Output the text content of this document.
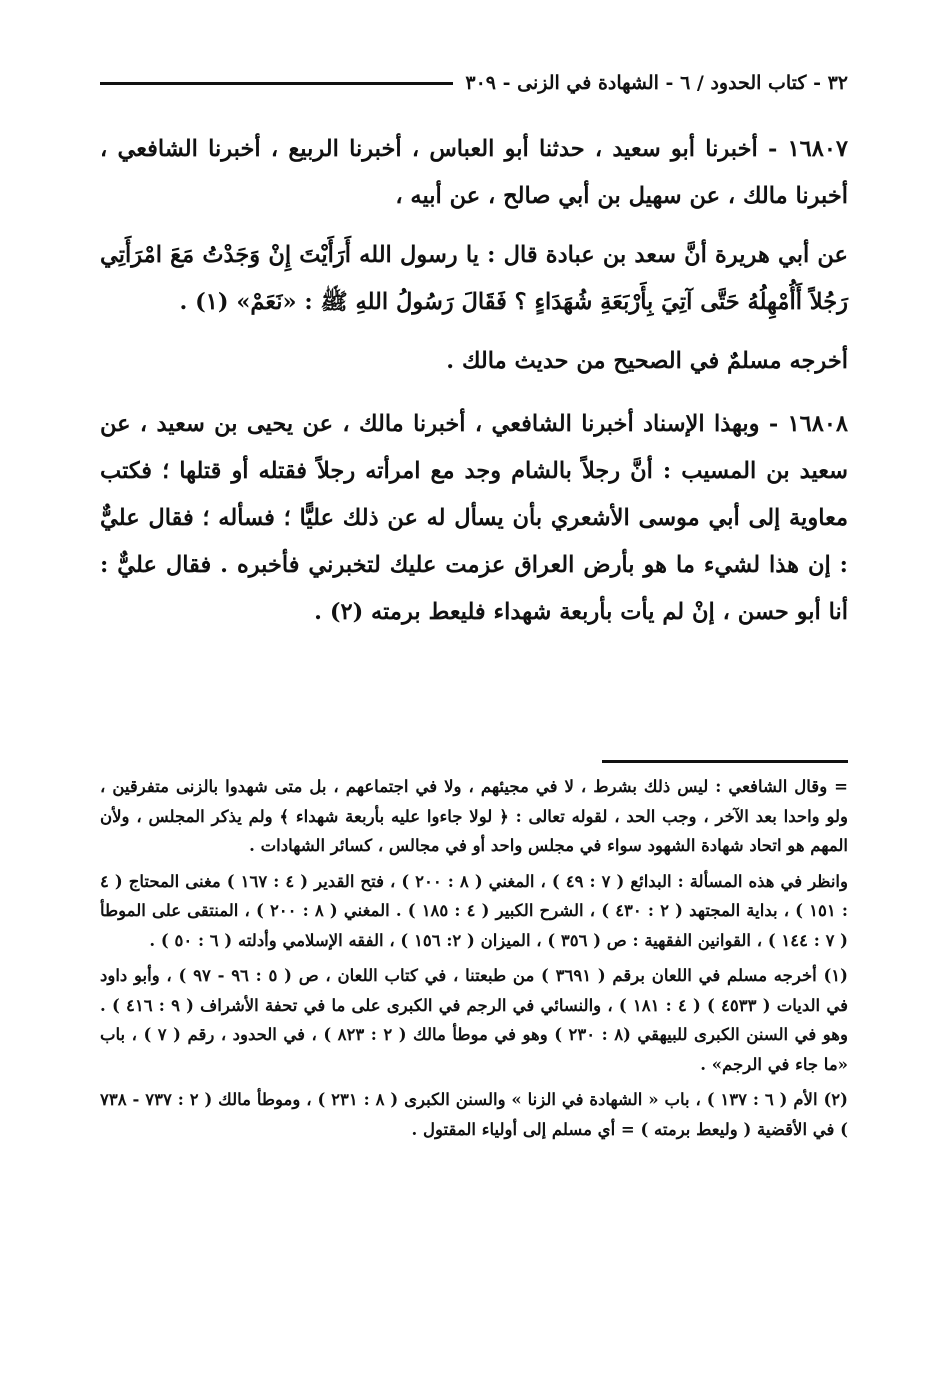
٣٢ - كتاب الحدود / ٦ - الشهادة في الزنى - ٣٠٩

١٦٨٠٧ - أخبرنا أبو سعيد ، حدثنا أبو العباس ، أخبرنا الربيع ، أخبرنا الشافعي ، أخبرنا مالك ، عن سهيل بن أبي صالح ، عن أبيه ،

عن أبي هريرة أنَّ سعد بن عبادة قال : يا رسول الله أَرَأَيْتَ إِنْ وَجَدْتُ مَعَ امْرَأَتِي رَجُلاً أَأُمْهِلُهُ حَتَّى آتِيَ بِأَرْبَعَةِ شُهَدَاءٍ ؟ فَقَالَ رَسُولُ اللهِ ﷺ : «نَعَمْ» (١) .

أخرجه مسلمٌ في الصحيح من حديث مالك .

١٦٨٠٨ - وبهذا الإسناد أخبرنا الشافعي ، أخبرنا مالك ، عن يحيى بن سعيد ، عن سعيد بن المسيب : أنَّ رجلاً بالشام وجد مع امرأته رجلاً فقتله أو قتلها ؛ فكتب معاوية إلى أبي موسى الأشعري بأن يسأل له عن ذلك عليًّا ؛ فسأله ؛ فقال عليٌّ : إن هذا لشيء ما هو بأرض العراق عزمت عليك لتخبرني فأخبره . فقال عليٌّ : أنا أبو حسن ، إنْ لم يأت بأربعة شهداء فليعط برمته (٢) .

= وقال الشافعي : ليس ذلك بشرط ، لا في مجيئهم ، ولا في اجتماعهم ، بل متى شهدوا بالزنى متفرقين ، ولو واحدا بعد الآخر ، وجب الحد ، لقوله تعالى : ﴿ لولا جاءوا عليه بأربعة شهداء ﴾ ولم يذكر المجلس ، ولأن المهم هو اتحاد شهادة الشهود سواء في مجلس واحد أو في مجالس ، كسائر الشهادات .

وانظر في هذه المسألة : البدائع ( ٧ : ٤٩ ) ، المغني ( ٨ : ٢٠٠ ) ، فتح القدير ( ٤ : ١٦٧ ) مغنى المحتاج ( ٤ : ١٥١ ) ، بداية المجتهد ( ٢ : ٤٣٠ ) ، الشرح الكبير ( ٤ : ١٨٥ ) . المغني ( ٨ : ٢٠٠ ) ، المنتقى على الموطأ ( ٧ : ١٤٤ ) ، القوانين الفقهية : ص ( ٣٥٦ ) ، الميزان ( ٢: ١٥٦ ) ، الفقه الإسلامي وأدلته ( ٦ : ٥٠ ) .

(١) أخرجه مسلم في اللعان برقم ( ٣٦٩١ ) من طبعتنا ، في كتاب اللعان ، ص ( ٥ : ٩٦ - ٩٧ ) ، وأبو داود في الديات ( ٤٥٣٣ ) ( ٤ : ١٨١ ) ، والنسائي في الرجم في الكبرى على ما في تحفة الأشراف ( ٩ : ٤١٦ ) . وهو في السنن الكبرى للبيهقي (٨ : ٢٣٠ ) وهو في موطأ مالك ( ٢ : ٨٢٣ ) ، في الحدود ، رقم ( ٧ ) ، باب «ما جاء في الرجم» .

(٢) الأم ( ٦ : ١٣٧ ) ، باب « الشهادة في الزنا » والسنن الكبرى ( ٨ : ٢٣١ ) ، وموطأ مالك ( ٢ : ٧٣٧ - ٧٣٨ ) في الأقضية ( وليعط برمته ) = أي مسلم إلى أولياء المقتول .
